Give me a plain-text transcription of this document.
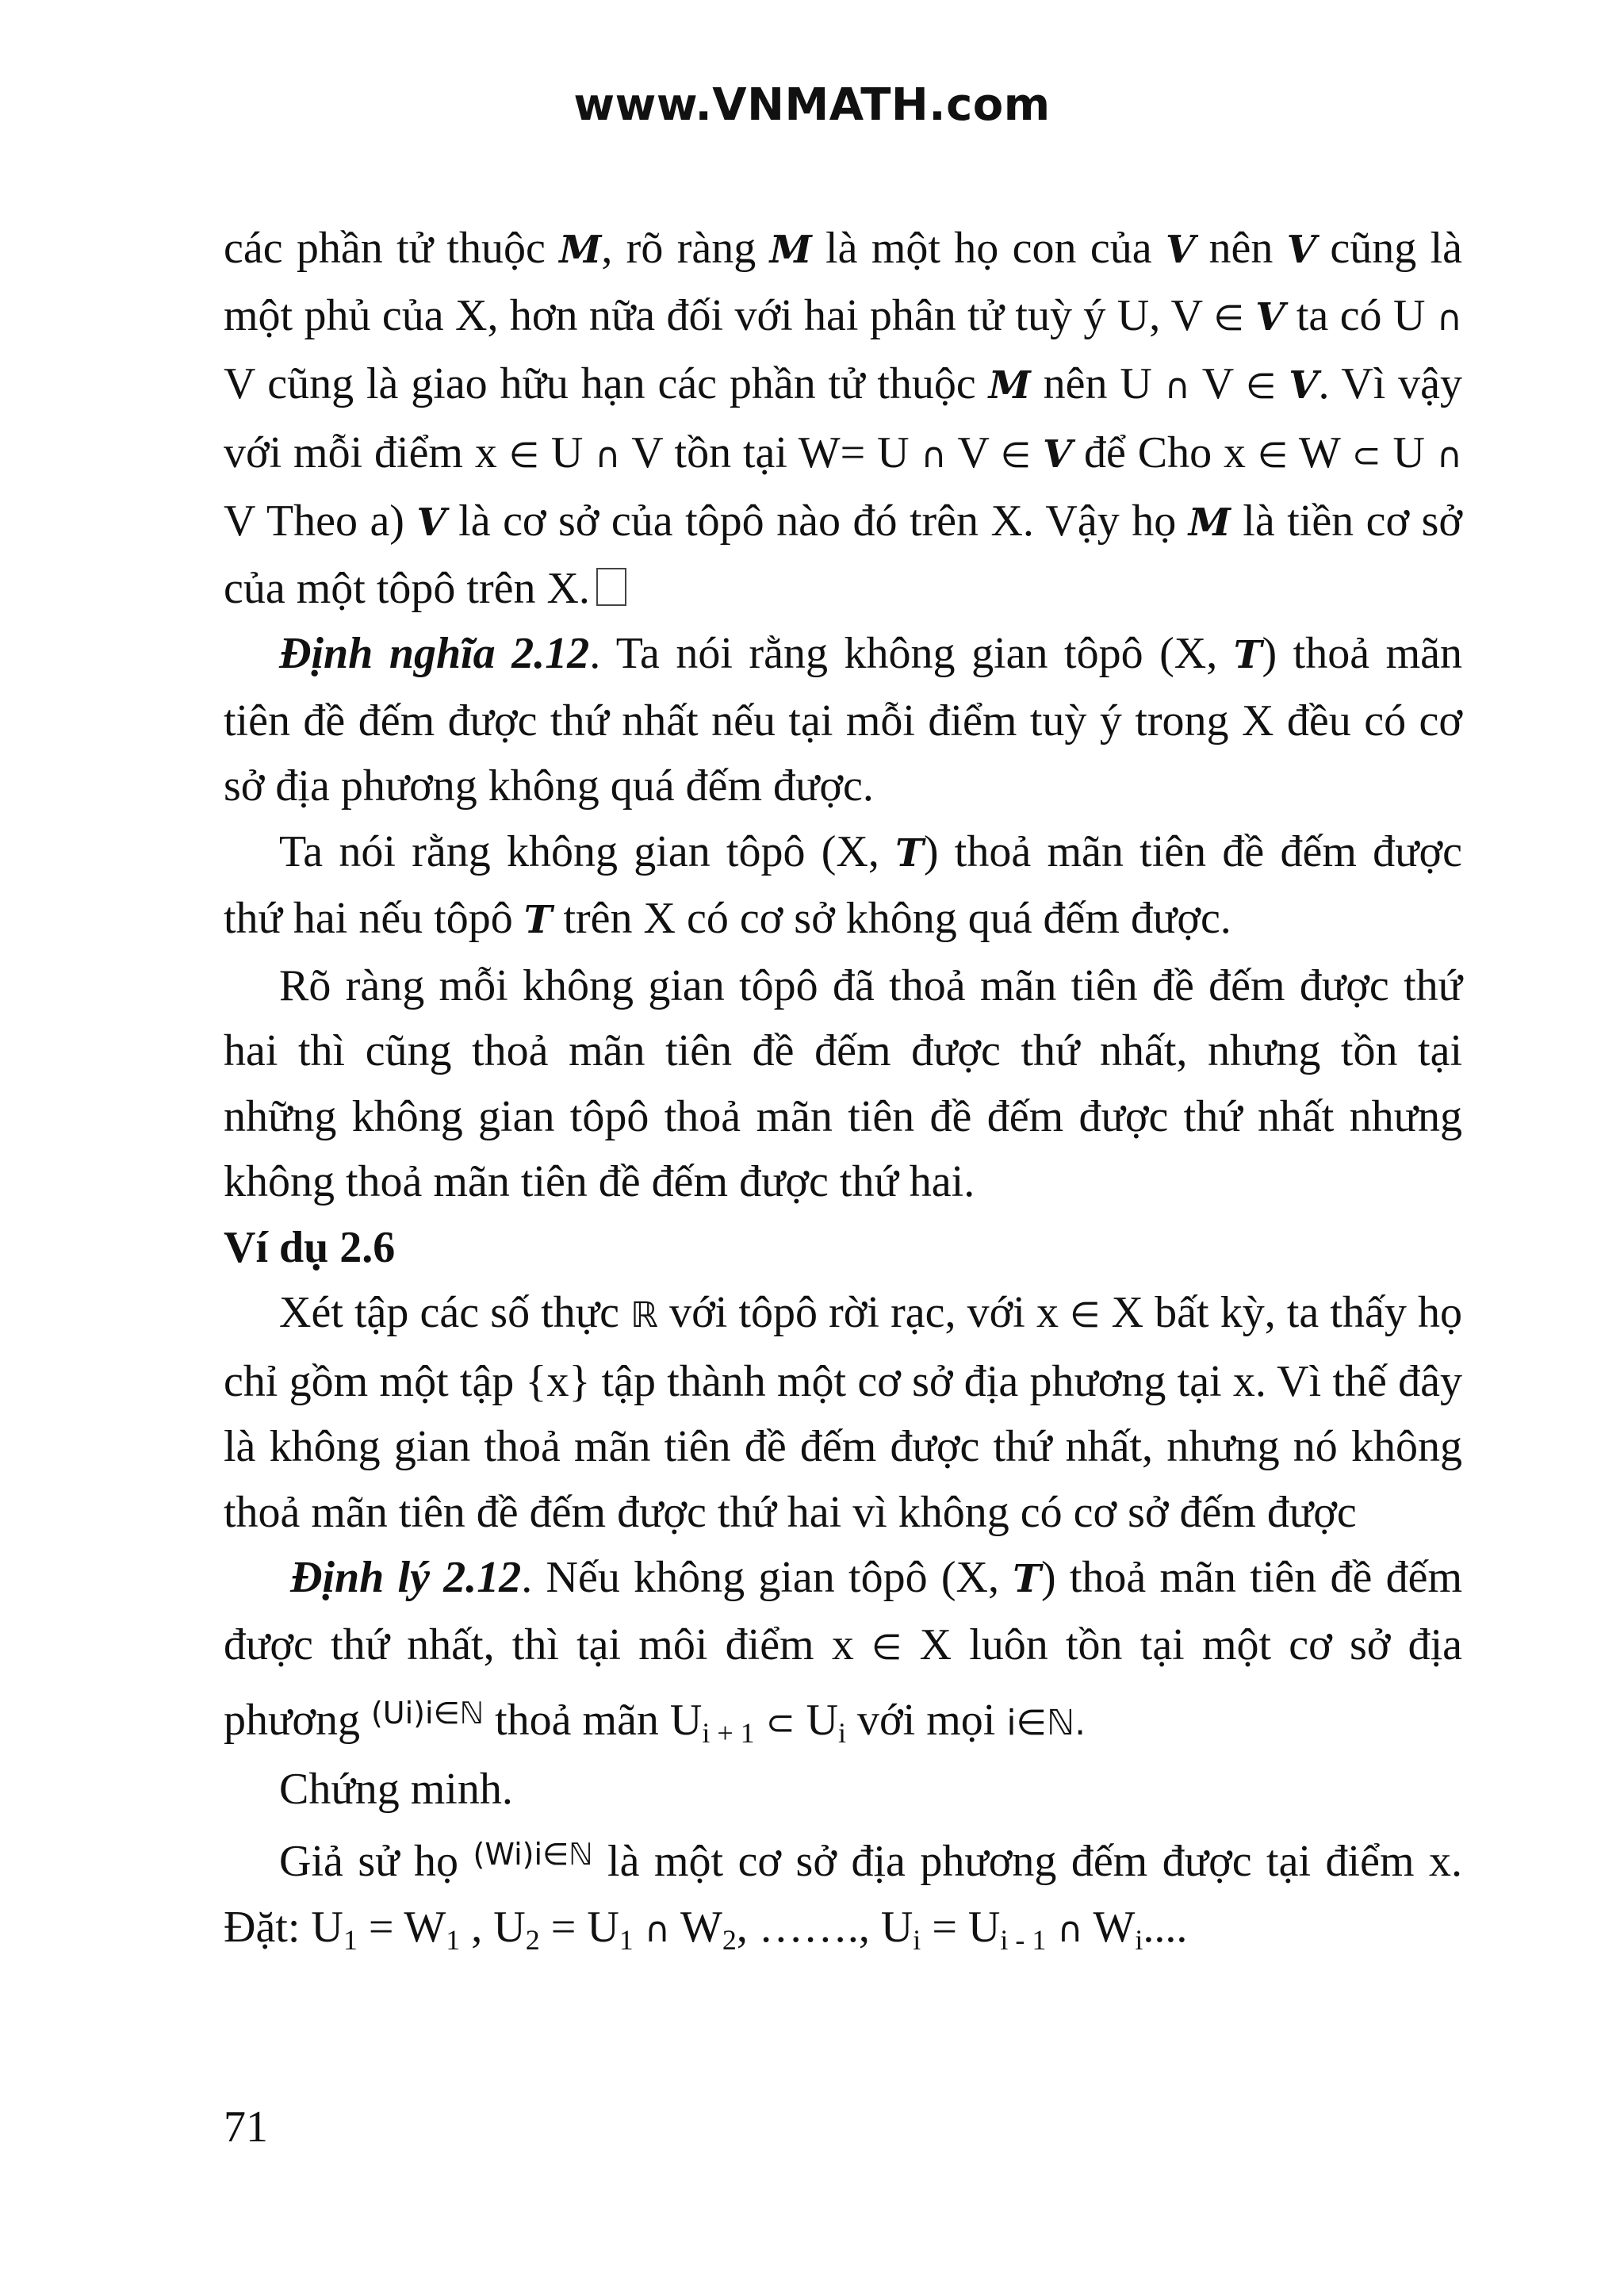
www.VNMATH.com

các phần tử thuộc M, rõ ràng M là một họ con của V nên V cũng là một phủ của X, hơn nữa đối với hai phân tử tuỳ ý U, V ∈ V ta có U ∩ V cũng là giao hữu hạn các phần tử thuộc M nên U ∩ V ∈ V. Vì vậy với mỗi điểm x ∈ U ∩ V tồn tại W= U ∩ V ∈ V để Cho x ∈ W ⊂ U ∩ V Theo a) V là cơ sở của tôpô nào đó trên X. Vậy họ M là tiền cơ sở của một tôpô trên X.

Định nghĩa 2.12. Ta nói rằng không gian tôpô (X, T) thoả mãn tiên đề đếm được thứ nhất nếu tại mỗi điểm tuỳ ý trong X đều có cơ sở địa phương không quá đếm được.

Ta nói rằng không gian tôpô (X, T) thoả mãn tiên đề đếm được thứ hai nếu tôpô T trên X có cơ sở không quá đếm được.

Rõ ràng mỗi không gian tôpô đã thoả mãn tiên đề đếm được thứ hai thì cũng thoả mãn tiên đề đếm được thứ nhất, nhưng tồn tại những không gian tôpô thoả mãn tiên đề đếm được thứ nhất nhưng không thoả mãn tiên đề đếm được thứ hai.

Ví dụ 2.6

Xét tập các số thực ℝ với tôpô rời rạc, với x ∈ X bất kỳ, ta thấy họ chỉ gồm một tập {x} tập thành một cơ sở địa phương tại x. Vì thế đây là không gian thoả mãn tiên đề đếm được thứ nhất, nhưng nó không thoả mãn tiên đề đếm được thứ hai vì không có cơ sở đếm được

Định lý 2.12. Nếu không gian tôpô (X, T) thoả mãn tiên đề đếm được thứ nhất, thì tại môi điểm x ∈ X luôn tồn tại một cơ sở địa phương $^{(Ui)i\in ℕ}$ thoả mãn $U_{i + 1}$ ⊂ $U_i$ với mọi i∈ℕ.

Chứng minh.

Giả sử họ $^{(Wi)i\in ℕ}$ là một cơ sở địa phương đếm được tại điểm x. Đặt: $U_1 = W_1$ , $U_2 = U_1$ ∩ $W_2$, ……., $U_i = U_{i - 1}$ ∩ $W_i$....

71
